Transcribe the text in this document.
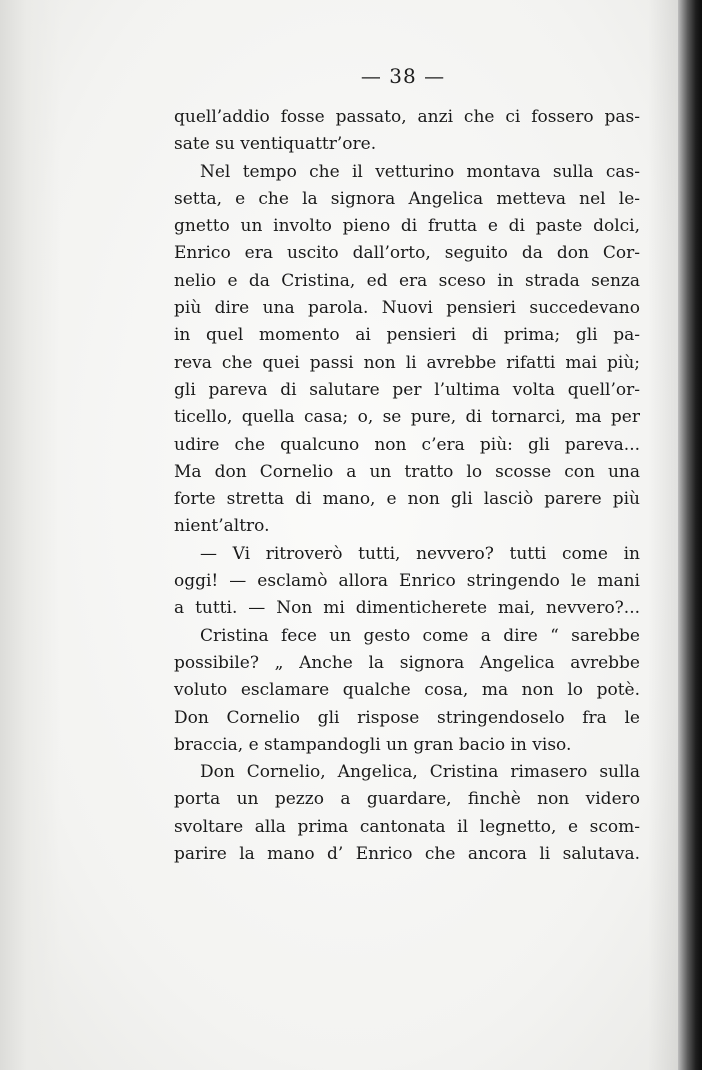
— 38 —
quell’addio fosse passato, anzi che ci fossero pas-
sate su ventiquattr’ore.
Nel tempo che il vetturino montava sulla cas-
setta, e che la signora Angelica metteva nel le-
gnetto un involto pieno di frutta e di paste dolci,
Enrico era uscito dall’orto, seguito da don Cor-
nelio e da Cristina, ed era sceso in strada senza
più dire una parola. Nuovi pensieri succedevano
in quel momento ai pensieri di prima; gli pa-
reva che quei passi non li avrebbe rifatti mai più;
gli pareva di salutare per l’ultima volta quell’or-
ticello, quella casa; o, se pure, di tornarci, ma per
udire che qualcuno non c’era più: gli pareva...
Ma don Cornelio a un tratto lo scosse con una
forte stretta di mano, e non gli lasciò parere più
nient’altro.
— Vi ritroverò tutti, nevvero? tutti come in
oggi! — esclamò allora Enrico stringendo le mani
a tutti. — Non mi dimenticherete mai, nevvero?...
Cristina fece un gesto come a dire “ sarebbe
possibile? „ Anche la signora Angelica avrebbe
voluto esclamare qualche cosa, ma non lo potè.
Don Cornelio gli rispose stringendoselo fra le
braccia, e stampandogli un gran bacio in viso.
Don Cornelio, Angelica, Cristina rimasero sulla
porta un pezzo a guardare, finchè non videro
svoltare alla prima cantonata il legnetto, e scom-
parire la mano d’ Enrico che ancora li salutava.
